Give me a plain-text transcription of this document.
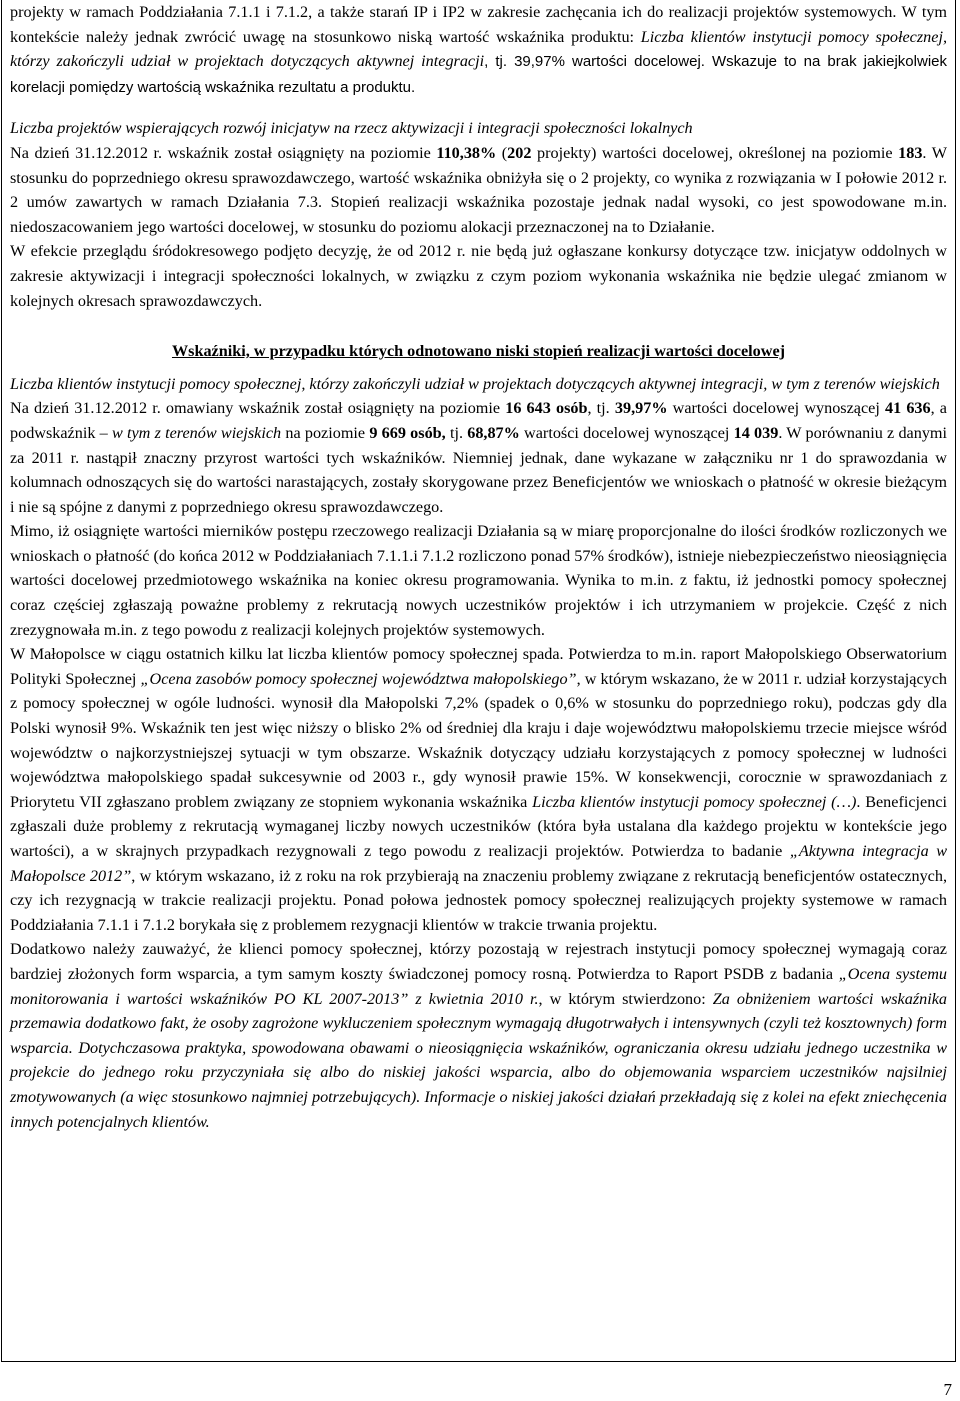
projekty w ramach Poddziałania 7.1.1 i 7.1.2, a także starań IP i IP2 w zakresie zachęcania ich do realizacji projektów systemowych. W tym kontekście należy jednak zwrócić uwagę na stosunkowo niską wartość wskaźnika produktu: Liczba klientów instytucji pomocy społecznej, którzy zakończyli udział w projektach dotyczących aktywnej integracji, tj. 39,97% wartości docelowej. Wskazuje to na brak jakiejkolwiek korelacji pomiędzy wartością wskaźnika rezultatu a produktu.

Liczba projektów wspierających rozwój inicjatyw na rzecz aktywizacji i integracji społeczności lokalnych

Na dzień 31.12.2012 r. wskaźnik został osiągnięty na poziomie 110,38% (202 projekty) wartości docelowej, określonej na poziomie 183. W stosunku do poprzedniego okresu sprawozdawczego, wartość wskaźnika obniżyła się o 2 projekty, co wynika z rozwiązania w I połowie 2012 r. 2 umów zawartych w ramach Działania 7.3. Stopień realizacji wskaźnika pozostaje jednak nadal wysoki, co jest spowodowane m.in. niedoszacowaniem jego wartości docelowej, w stosunku do poziomu alokacji przeznaczonej na to Działanie.

W efekcie przeglądu śródokresowego podjęto decyzję, że od 2012 r. nie będą już ogłaszane konkursy dotyczące tzw. inicjatyw oddolnych w zakresie aktywizacji i integracji społeczności lokalnych, w związku z czym poziom wykonania wskaźnika nie będzie ulegać zmianom w kolejnych okresach sprawozdawczych.

Wskaźniki, w przypadku których odnotowano niski stopień realizacji wartości docelowej

Liczba klientów instytucji pomocy społecznej, którzy zakończyli udział w projektach dotyczących aktywnej integracji, w tym z terenów wiejskich

Na dzień 31.12.2012 r. omawiany wskaźnik został osiągnięty na poziomie 16 643 osób, tj. 39,97% wartości docelowej wynoszącej 41 636, a podwskaźnik – w tym z terenów wiejskich na poziomie 9 669 osób, tj. 68,87% wartości docelowej wynoszącej 14 039. W porównaniu z danymi za 2011 r. nastąpił znaczny przyrost wartości tych wskaźników. Niemniej jednak, dane wykazane w załączniku nr 1 do sprawozdania w kolumnach odnoszących się do wartości narastających, zostały skorygowane przez Beneficjentów we wnioskach o płatność w okresie bieżącym i nie są spójne z danymi z poprzedniego okresu sprawozdawczego.

Mimo, iż osiągnięte wartości mierników postępu rzeczowego realizacji Działania są w miarę proporcjonalne do ilości środków rozliczonych we wnioskach o płatność (do końca 2012 w Poddziałaniach 7.1.1.i 7.1.2 rozliczono ponad 57% środków), istnieje niebezpieczeństwo nieosiągnięcia wartości docelowej przedmiotowego wskaźnika na koniec okresu programowania. Wynika to m.in. z faktu, iż jednostki pomocy społecznej coraz częściej zgłaszają poważne problemy z rekrutacją nowych uczestników projektów i ich utrzymaniem w projekcie. Część z nich zrezygnowała m.in. z tego powodu z realizacji kolejnych projektów systemowych.

W Małopolsce w ciągu ostatnich kilku lat liczba klientów pomocy społecznej spada. Potwierdza to m.in. raport Małopolskiego Obserwatorium Polityki Społecznej „Ocena zasobów pomocy społecznej województwa małopolskiego”, w którym wskazano, że w 2011 r. udział korzystających z pomocy społecznej w ogóle ludności. wynosił dla Małopolski 7,2% (spadek o 0,6% w stosunku do poprzedniego roku), podczas gdy dla Polski wynosił 9%. Wskaźnik ten jest więc niższy o blisko 2% od średniej dla kraju i daje województwu małopolskiemu trzecie miejsce wśród województw o najkorzystniejszej sytuacji w tym obszarze. Wskaźnik dotyczący udziału korzystających z pomocy społecznej w ludności województwa małopolskiego spadał sukcesywnie od 2003 r., gdy wynosił prawie 15%. W konsekwencji, corocznie w sprawozdaniach z Priorytetu VII zgłaszano problem związany ze stopniem wykonania wskaźnika Liczba klientów instytucji pomocy społecznej (…). Beneficjenci zgłaszali duże problemy z rekrutacją wymaganej liczby nowych uczestników (która była ustalana dla każdego projektu w kontekście jego wartości), a w skrajnych przypadkach rezygnowali z tego powodu z realizacji projektów. Potwierdza to badanie „Aktywna integracja w Małopolsce 2012”, w którym wskazano, iż z roku na rok przybierają na znaczeniu problemy związane z rekrutacją beneficjentów ostatecznych, czy ich rezygnacją w trakcie realizacji projektu. Ponad połowa jednostek pomocy społecznej realizujących projekty systemowe w ramach Poddziałania 7.1.1 i 7.1.2 borykała się z problemem rezygnacji klientów w trakcie trwania projektu.

Dodatkowo należy zauważyć, że klienci pomocy społecznej, którzy pozostają w rejestrach instytucji pomocy społecznej wymagają coraz bardziej złożonych form wsparcia, a tym samym koszty świadczonej pomocy rosną. Potwierdza to Raport PSDB z badania „Ocena systemu monitorowania i wartości wskaźników PO KL 2007-2013” z kwietnia 2010 r., w którym stwierdzono: Za obniżeniem wartości wskaźnika przemawia dodatkowo fakt, że osoby zagrożone wykluczeniem społecznym wymagają długotrwałych i intensywnych (czyli też kosztownych) form wsparcia. Dotychczasowa praktyka, spowodowana obawami o nieosiągnięcia wskaźników, ograniczania okresu udziału jednego uczestnika w projekcie do jednego roku przyczyniała się albo do niskiej jakości wsparcia, albo do objemowania wsparciem uczestników najsilniej zmotywowanych (a więc stosunkowo najmniej potrzebujących). Informacje o niskiej jakości działań przekładają się z kolei na efekt zniechęcenia innych potencjalnych klientów.

7
